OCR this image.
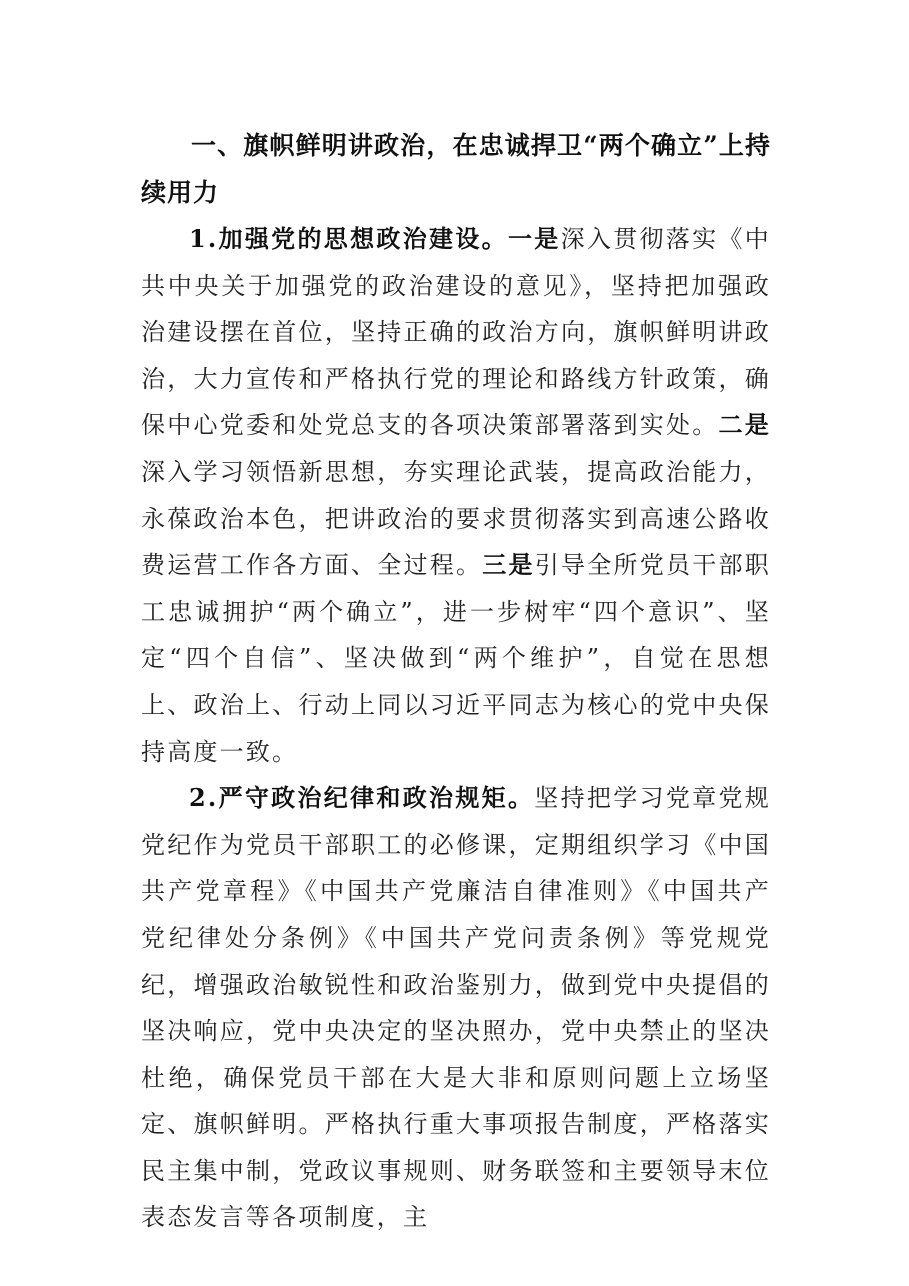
一、旗帜鲜明讲政治，在忠诚捍卫“两个确立”上持续用力

1.加强党的思想政治建设。一是深入贯彻落实《中共中央关于加强党的政治建设的意见》，坚持把加强政治建设摆在首位，坚持正确的政治方向，旗帜鲜明讲政治，大力宣传和严格执行党的理论和路线方针政策，确保中心党委和处党总支的各项决策部署落到实处。二是深入学习领悟新思想，夯实理论武装，提高政治能力，永葆政治本色，把讲政治的要求贯彻落实到高速公路收费运营工作各方面、全过程。三是引导全所党员干部职工忠诚拥护“两个确立”，进一步树牢“四个意识”、坚定“四个自信”、坚决做到“两个维护”，自觉在思想上、政治上、行动上同以习近平同志为核心的党中央保持高度一致。

2.严守政治纪律和政治规矩。坚持把学习党章党规党纪作为党员干部职工的必修课，定期组织学习《中国共产党章程》《中国共产党廉洁自律准则》《中国共产党纪律处分条例》《中国共产党问责条例》等党规党纪，增强政治敏锐性和政治鉴别力，做到党中央提倡的坚决响应，党中央决定的坚决照办，党中央禁止的坚决杜绝，确保党员干部在大是大非和原则问题上立场坚定、旗帜鲜明。严格执行重大事项报告制度，严格落实民主集中制，党政议事规则、财务联签和主要领导末位表态发言等各项制度，主
